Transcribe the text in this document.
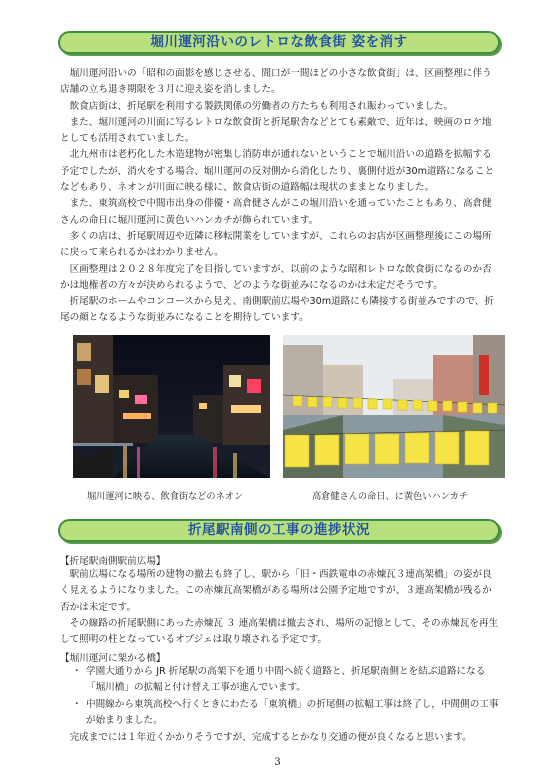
堀川運河沿いのレトロな飲食街 姿を消す

堀川運河沿いの「昭和の面影を感じさせる、間口が一間ほどの小さな飲食街」は、区画整理に伴う店舗の立ち退き期限を３月に迎え姿を消しました。

飲食店街は、折尾駅を利用する製鉄関係の労働者の方たちも利用され賑わっていました。

また、堀川運河の川面に写るレトロな飲食街と折尾駅舎などとても素敵で、近年は、映画のロケ地としても活用されていました。

北九州市は老朽化した木造建物が密集し消防車が通れないということで堀川沿いの道路を拡幅する予定でしたが、消火をする場合、堀川運河の反対側から消化したり、裏側付近が30m道路になることなどもあり、ネオンが川面に映る様に、飲食店街の道路幅は現状のままとなりました。

また、東筑高校で中間市出身の俳優・高倉健さんがこの堀川沿いを通っていたこともあり、高倉健さんの命日に堀川運河に黄色いハンカチが飾られています。

多くの店は、折尾駅周辺や近隣に移転開業をしていますが、これらのお店が区画整理後にこの場所に戻って来られるかはわかりません。

区画整理は２０２８年度完了を目指していますが、以前のような昭和レトロな飲食街になるのか否かは地権者の方々が決められるようで、どのような街並みになるのかは未定だそうです。

折尾駅のホームやコンコースから見え、南側駅前広場や30m道路にも隣接する街並みですので、折尾の顔となるような街並みになることを期待しています。

堀川運河に映る、飲食街などのネオン	高倉健さんの命日、に黄色いハンカチ
折尾駅南側の工事の進捗状況
【折尾駅南側駅前広場】

駅前広場になる場所の建物の撤去も終了し、駅から「旧・西鉄電車の赤煉瓦３連高架橋」の姿が良く見えるようになりました。この赤煉瓦高架橋がある場所は公園予定地ですが、３連高架橋が残るか否かは未定です。

その線路の折尾駅側にあった赤煉瓦 ３ 連高架橋は撤去され、場所の記憶として、その赤煉瓦を再生して照明の柱となっているオブジェは取り壊される予定です。

【堀川運河に架かる橋】
・ 学園大通りから JR 折尾駅の高架下を通り中間へ続く道路と、折尾駅南側とを結ぶ道路になる「堀川橋」の拡幅と付け替え工事が進んでいます。
・ 中間線から東筑高校へ行くときにわたる「東筑橋」の折尾側の拡幅工事は終了し，中間側の工事が始まりました。

完成までには１年近くかかりそうですが、完成するとかなり交通の便が良くなると思います。

3
